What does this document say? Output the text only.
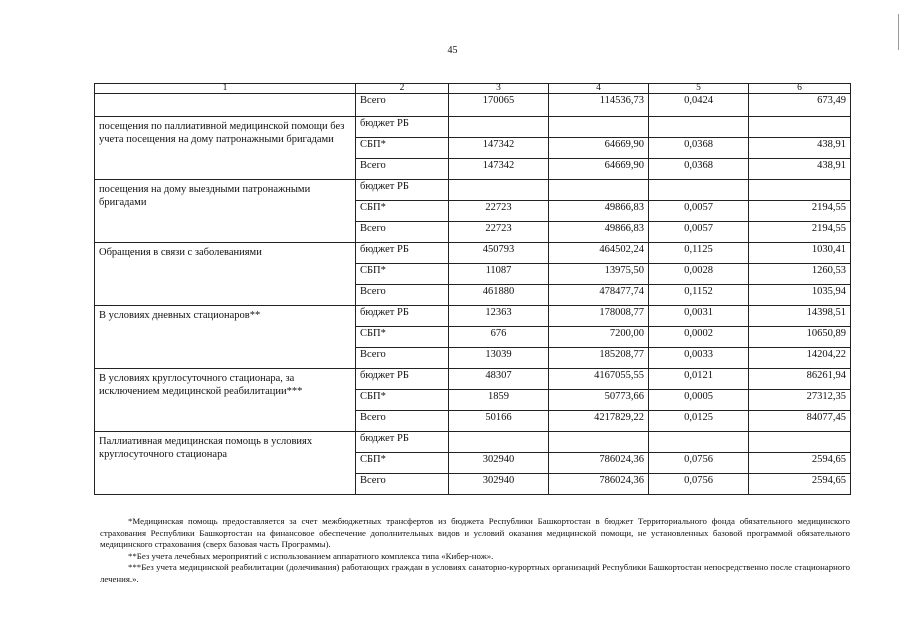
45
1	2	3	4	5	6
	Всего	170065	114536,73	0,0424	673,49
посещения по паллиативной медицинской помощи без учета посещения на дому патронажными бригадами	бюджет РБ				
	СБП*	147342	64669,90	0,0368	438,91
	Всего	147342	64669,90	0,0368	438,91
посещения на дому выездными патронажными бригадами	бюджет РБ				
	СБП*	22723	49866,83	0,0057	2194,55
	Всего	22723	49866,83	0,0057	2194,55
Обращения в связи с заболеваниями	бюджет РБ	450793	464502,24	0,1125	1030,41
	СБП*	11087	13975,50	0,0028	1260,53
	Всего	461880	478477,74	0,1152	1035,94
В условиях дневных стационаров**	бюджет РБ	12363	178008,77	0,0031	14398,51
	СБП*	676	7200,00	0,0002	10650,89
	Всего	13039	185208,77	0,0033	14204,22
В условиях круглосуточного стационара, за исключением медицинской реабилитации***	бюджет РБ	48307	4167055,55	0,0121	86261,94
	СБП*	1859	50773,66	0,0005	27312,35
	Всего	50166	4217829,22	0,0125	84077,45
Паллиативная медицинская помощь в условиях круглосуточного стационара	бюджет РБ				
	СБП*	302940	786024,36	0,0756	2594,65
	Всего	302940	786024,36	0,0756	2594,65

*Медицинская помощь предоставляется за счет межбюджетных трансфертов из бюджета Республики Башкортостан в бюджет Территориального фонда обязательного медицинского страхования Республики Башкортостан на финансовое обеспечение дополнительных видов и условий оказания медицинской помощи, не установленных базовой программой обязательного медицинского страхования (сверх базовая часть Программы).

**Без учета лечебных мероприятий с использованием аппаратного комплекса типа «Кибер-нож».

***Без учета медицинской реабилитации (долечивания) работающих граждан в условиях санаторно-курортных организаций Республики Башкортостан непосредственно после стационарного лечения.».
